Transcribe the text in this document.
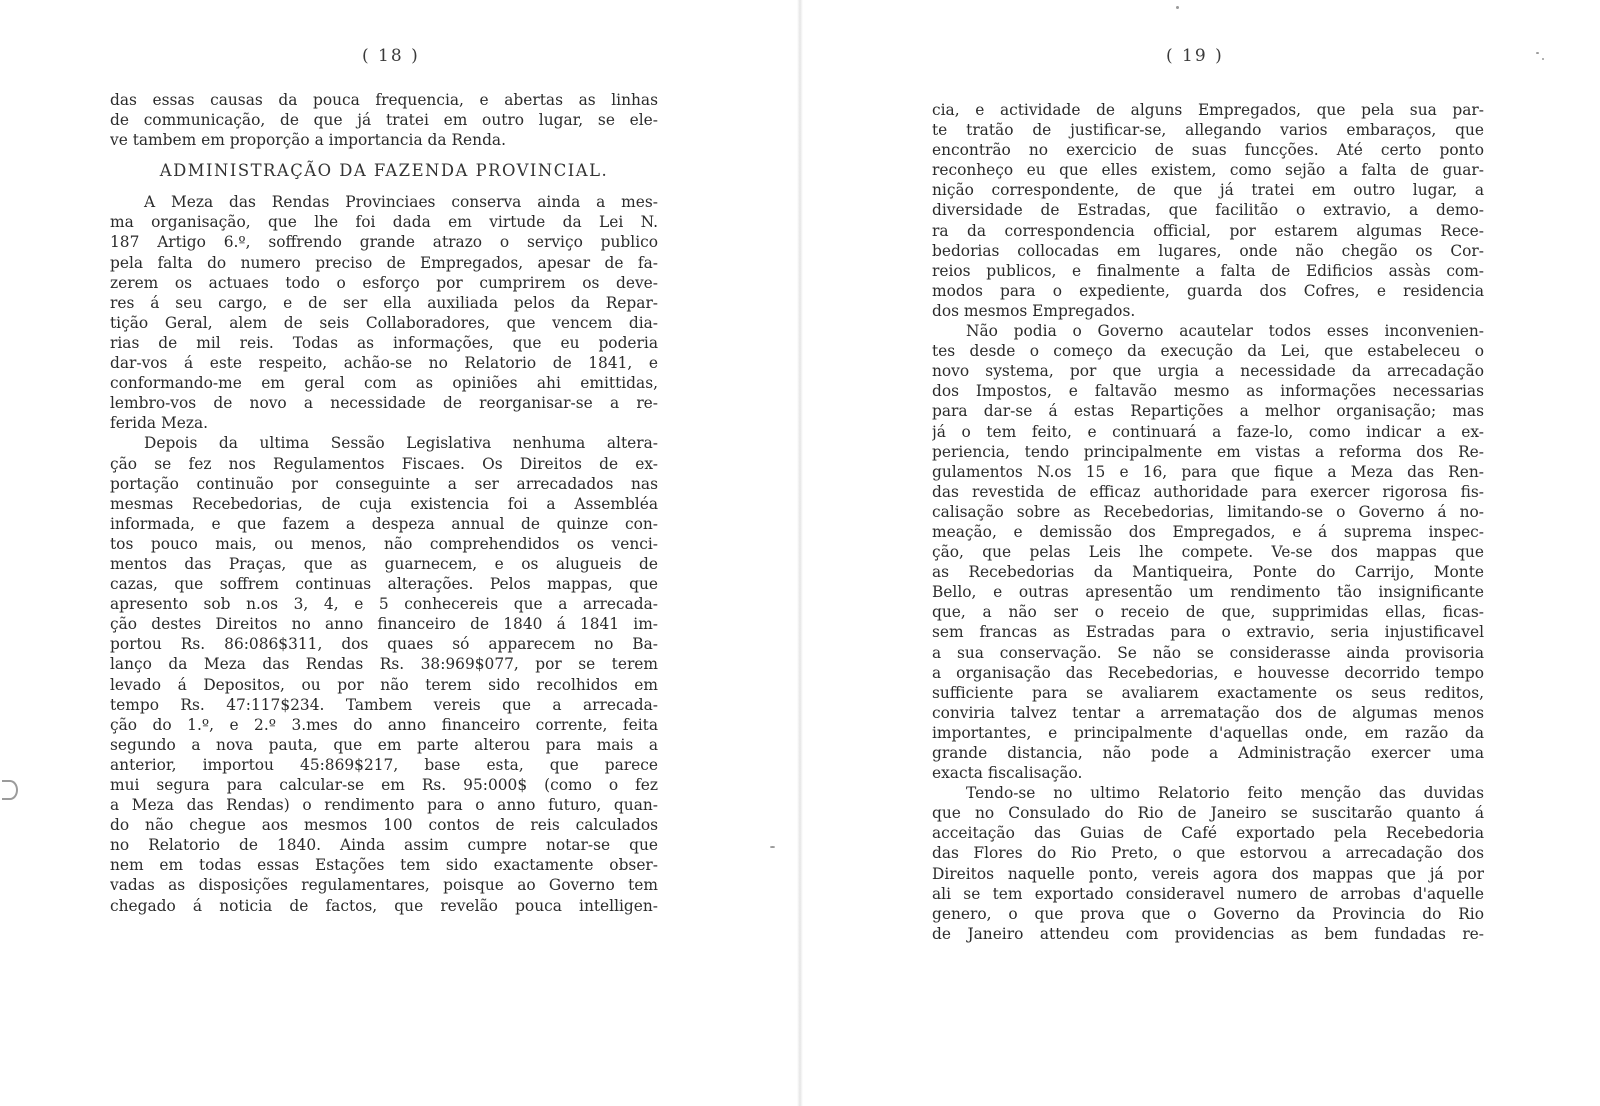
( 18 )
das essas causas da pouca frequencia, e abertas as linhas
de communicação, de que já tratei em outro lugar, se ele-
ve tambem em proporção a importancia da Renda.
ADMINISTRAÇÃO DA FAZENDA PROVINCIAL.
A Meza das Rendas Provinciaes conserva ainda a mes-
ma organisação, que lhe foi dada em virtude da Lei N.
187 Artigo 6.º, soffrendo grande atrazo o serviço publico
pela falta do numero preciso de Empregados, apesar de fa-
zerem os actuaes todo o esforço por cumprirem os deve-
res á seu cargo, e de ser ella auxiliada pelos da Repar-
tição Geral, alem de seis Collaboradores, que vencem dia-
rias de mil reis. Todas as informações, que eu poderia
dar-vos á este respeito, achão-se no Relatorio de 1841, e
conformando-me em geral com as opiniões ahi emittidas,
lembro-vos de novo a necessidade de reorganisar-se a re-
ferida Meza.
Depois da ultima Sessão Legislativa nenhuma altera-
ção se fez nos Regulamentos Fiscaes. Os Direitos de ex-
portação continuão por conseguinte a ser arrecadados nas
mesmas Recebedorias, de cuja existencia foi a Assembléa
informada, e que fazem a despeza annual de quinze con-
tos pouco mais, ou menos, não comprehendidos os venci-
mentos das Praças, que as guarnecem, e os alugueis de
cazas, que soffrem continuas alterações. Pelos mappas, que
apresento sob n.os 3, 4, e 5 conhecereis que a arrecada-
ção destes Direitos no anno financeiro de 1840 á 1841 im-
portou Rs. 86:086$311, dos quaes só apparecem no Ba-
lanço da Meza das Rendas Rs. 38:969$077, por se terem
levado á Depositos, ou por não terem sido recolhidos em
tempo Rs. 47:117$234. Tambem vereis que a arrecada-
ção do 1.º, e 2.º 3.mes do anno financeiro corrente, feita
segundo a nova pauta, que em parte alterou para mais a
anterior, importou 45:869$217, base esta, que parece
mui segura para calcular-se em Rs. 95:000$ (como o fez
a Meza das Rendas) o rendimento para o anno futuro, quan-
do não chegue aos mesmos 100 contos de reis calculados
no Relatorio de 1840. Ainda assim cumpre notar-se que
nem em todas essas Estações tem sido exactamente obser-
vadas as disposições regulamentares, poisque ao Governo tem
chegado á noticia de factos, que revelão pouca intelligen-
( 19 )
cia, e actividade de alguns Empregados, que pela sua par-
te tratão de justificar-se, allegando varios embaraços, que
encontrão no exercicio de suas funcções. Até certo ponto
reconheço eu que elles existem, como sejão a falta de guar-
nição correspondente, de que já tratei em outro lugar, a
diversidade de Estradas, que facilitão o extravio, a demo-
ra da correspondencia official, por estarem algumas Rece-
bedorias collocadas em lugares, onde não chegão os Cor-
reios publicos, e finalmente a falta de Edificios assàs com-
modos para o expediente, guarda dos Cofres, e residencia
dos mesmos Empregados.
Não podia o Governo acautelar todos esses inconvenien-
tes desde o começo da execução da Lei, que estabeleceu o
novo systema, por que urgia a necessidade da arrecadação
dos Impostos, e faltavão mesmo as informações necessarias
para dar-se á estas Repartições a melhor organisação; mas
já o tem feito, e continuará a faze-lo, como indicar a ex-
periencia, tendo principalmente em vistas a reforma dos Re-
gulamentos N.os 15 e 16, para que fique a Meza das Ren-
das revestida de efficaz authoridade para exercer rigorosa fis-
calisação sobre as Recebedorias, limitando-se o Governo á no-
meação, e demissão dos Empregados, e á suprema inspec-
ção, que pelas Leis lhe compete. Ve-se dos mappas que
as Recebedorias da Mantiqueira, Ponte do Carrijo, Monte
Bello, e outras apresentão um rendimento tão insignificante
que, a não ser o receio de que, supprimidas ellas, ficas-
sem francas as Estradas para o extravio, seria injustificavel
a sua conservação. Se não se considerasse ainda provisoria
a organisação das Recebedorias, e houvesse decorrido tempo
sufficiente para se avaliarem exactamente os seus reditos,
conviria talvez tentar a arrematação dos de algumas menos
importantes, e principalmente d'aquellas onde, em razão da
grande distancia, não pode a Administração exercer uma
exacta fiscalisação.
Tendo-se no ultimo Relatorio feito menção das duvidas
que no Consulado do Rio de Janeiro se suscitarão quanto á
acceitação das Guias de Café exportado pela Recebedoria
das Flores do Rio Preto, o que estorvou a arrecadação dos
Direitos naquelle ponto, vereis agora dos mappas que já por
ali se tem exportado consideravel numero de arrobas d'aquelle
genero, o que prova que o Governo da Provincia do Rio
de Janeiro attendeu com providencias as bem fundadas re-
